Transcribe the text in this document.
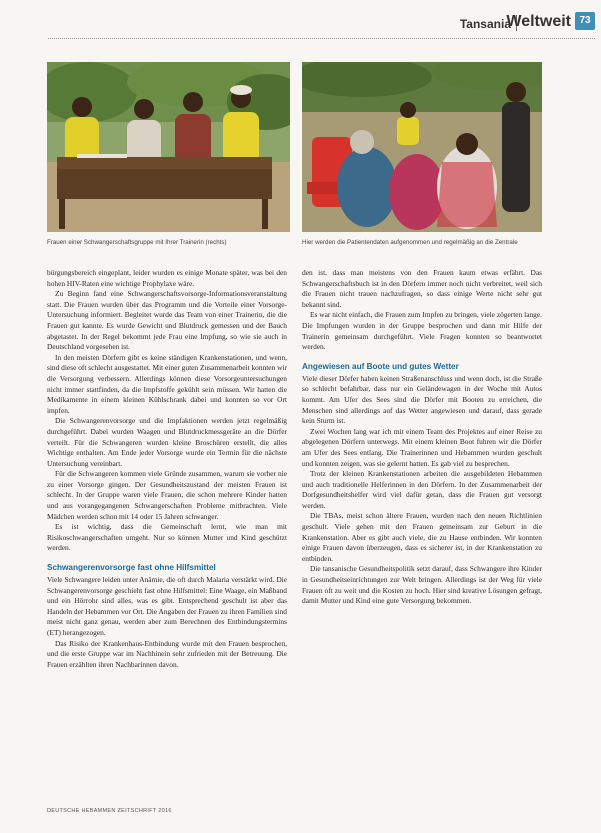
Tansania
Weltweit 73
Frauen einer Schwangerschaftsgruppe mit Ihrer Trainerin (rechts)	Hier werden die Patientendaten aufgenommen und regelmäßig an die Zentrale

bürgungsbereich eingeplant, leider wurden es einige Monate später, was bei den hohen HIV-Raten eine wichtige Prophylaxe wäre.

Zu Beginn fand eine Schwangerschaftsvorsorge-Informationsveranstaltung statt. Die Frauen wurden über das Programm und die Vorteile einer Vorsorge-Untersuchung informiert. Begleitet wurde das Team von einer Trainerin, die die Frauen gut kannte. Es wurde Gewicht und Blutdruck gemessen und der Bauch abgetastet. In der Regel bekommt jede Frau eine Impfung, so wie sie auch in Deutschland vorgesehen ist.

In den meisten Dörfern gibt es keine ständigen Krankenstationen, und wenn, sind diese oft schlecht ausgestattet. Mit einer guten Zusammenarbeit konnten wir die Versorgung verbessern. Allerdings können diese Vorsorgeuntersuchungen nicht immer stattfinden, da die Impfstoffe gekühlt sein müssen. Wir hatten die Medikamente in einem kleinen Kühlschrank dabei und konnten so vor Ort impfen.

Die Schwangerenvorsorge und die Impfaktionen werden jetzt regelmäßig durchgeführt. Dabei wurden Waagen und Blutdruckmessgeräte an die Dörfer verteilt. Für die Schwangeren wurden kleine Broschüren erstellt, die alles Wichtige enthalten. Am Ende jeder Vorsorge wurde ein Termin für die nächste Untersuchung vereinbart.

Für die Schwangeren kommen viele Gründe zusammen, warum sie vorher nie zu einer Vorsorge gingen. Der Gesundheitszustand der meisten Frauen ist schlecht. In der Gruppe waren viele Frauen, die schon mehrere Kinder hatten und aus vorangegangenen Schwangerschaften Probleme mitbrachten. Viele Mädchen werden schon mit 14 oder 15 Jahren schwanger.

Es ist wichtig, dass die Gemeinschaft lernt, wie man mit Risikoschwangerschaften umgeht. Nur so können Mutter und Kind geschützt werden.

Schwangerenvorsorge fast ohne Hilfsmittel

Viele Schwangere leiden unter Anämie, die oft durch Malaria verstärkt wird. Die Schwangerenvorsorge geschieht fast ohne Hilfsmittel: Eine Waage, ein Maßband und ein Hörrohr sind alles, was es gibt. Entsprechend geschult ist aber das Handeln der Hebammen vor Ort. Die Angaben der Frauen zu ihren Familien sind meist nicht ganz genau, werden aber zum Berechnen des Entbindungstermins (ET) herangezogen.

Das Risiko der Krankenhaus-Entbindung wurde mit den Frauen besprochen, und die erste Gruppe war im Nachhinein sehr zufrieden mit der Betreuung. Die Frauen erzählten ihren Nachbarinnen davon.

den ist, dass man meistens von den Frauen kaum etwas erfährt. Das Schwangerschaftsbuch ist in den Dörfern immer noch nicht verbreitet, weil sich die Frauen nicht trauen nachzufragen, so dass einige Werte nicht sehr gut bekannt sind.

Es war nicht einfach, die Frauen zum Impfen zu bringen, viele zögerten lange. Die Impfungen wurden in der Gruppe besprochen und dann mit Hilfe der Trainerin gemeinsam durchgeführt. Viele Fragen konnten so beantwortet werden.

Angewiesen auf Boote und gutes Wetter

Viele dieser Dörfer haben keinen Straßenanschluss und wenn doch, ist die Straße so schlecht befahrbar, dass nur ein Geländewagen in der Woche mit Autos kommt. Am Ufer des Sees sind die Dörfer mit Booten zu erreichen, die Menschen sind allerdings auf das Wetter angewiesen und darauf, dass gerade kein Sturm ist.

Zwei Wochen lang war ich mit einem Team des Projektes auf einer Reise zu abgelegenen Dörfern unterwegs. Mit einem kleinen Boot fuhren wir die Dörfer am Ufer des Sees entlang. Die Trainerinnen und Hebammen wurden geschult und konnten zeigen, was sie gelernt hatten. Es gab viel zu besprechen.

Trotz der kleinen Krankenstationen arbeiten die ausgebildeten Hebammen und auch traditionelle Helferinnen in den Dörfern. In der Zusammenarbeit der Dorfgesundheitshelfer wird viel dafür getan, dass die Frauen gut versorgt werden.

Die TBAs, meist schon ältere Frauen, wurden nach den neuen Richtlinien geschult. Viele gehen mit den Frauen gemeinsam zur Geburt in die Krankenstation. Aber es gibt auch viele, die zu Hause entbinden. Wir konnten einige Frauen davon überzeugen, dass es sicherer ist, in der Krankenstation zu entbinden.

Die tansanische Gesundheitspolitik setzt darauf, dass Schwangere ihre Kinder in Gesundheitseinrichtungen zur Welt bringen. Allerdings ist der Weg für viele Frauen oft zu weit und die Kosten zu hoch. Hier sind kreative Lösungen gefragt, damit Mutter und Kind eine gute Versorgung bekommen.

DEUTSCHE HEBAMMEN ZEITSCHRIFT 2016
